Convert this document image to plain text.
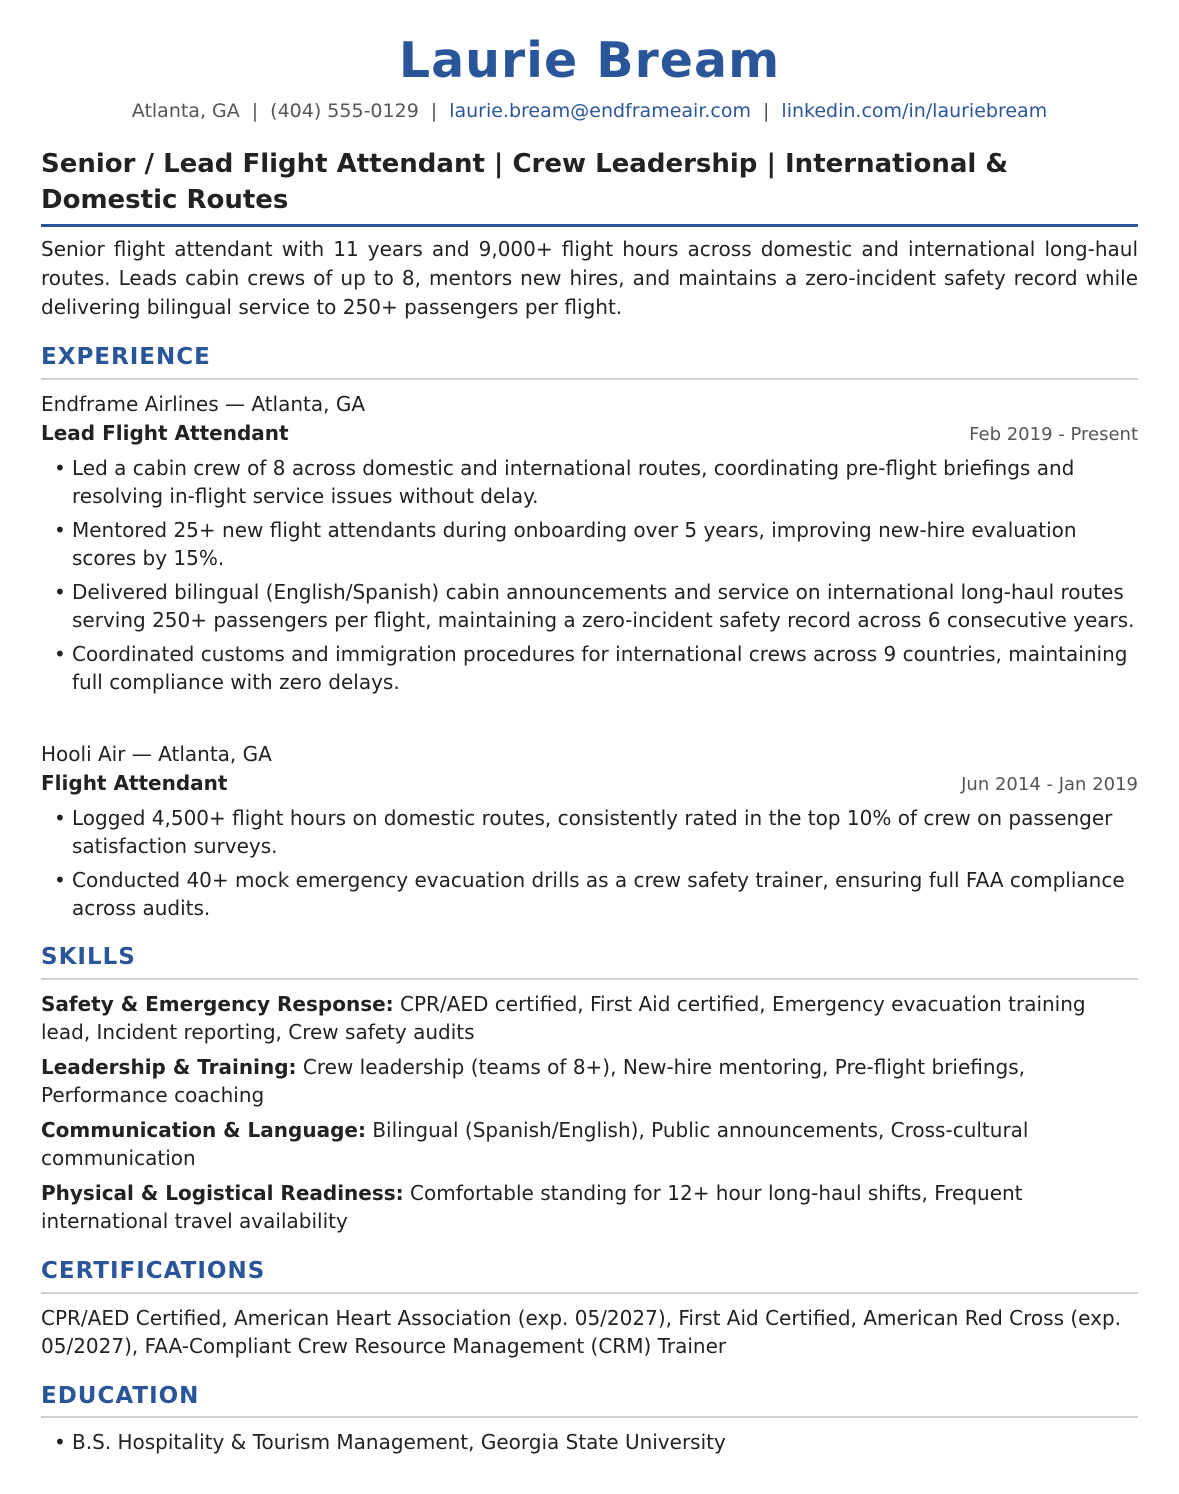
Laurie Bream
Atlanta, GA | (404) 555-0129 | laurie.bream@endframeair.com | linkedin.com/in/lauriebream
Senior / Lead Flight Attendant | Crew Leadership | International & Domestic Routes
Senior flight attendant with 11 years and 9,000+ flight hours across domestic and international long-haul routes. Leads cabin crews of up to 8, mentors new hires, and maintains a zero-incident safety record while delivering bilingual service to 250+ passengers per flight.
EXPERIENCE
Endframe Airlines — Atlanta, GA
Lead Flight Attendant	Feb 2019 - Present
• Led a cabin crew of 8 across domestic and international routes, coordinating pre-flight briefings and resolving in-flight service issues without delay.
• Mentored 25+ new flight attendants during onboarding over 5 years, improving new-hire evaluation scores by 15%.
• Delivered bilingual (English/Spanish) cabin announcements and service on international long-haul routes serving 250+ passengers per flight, maintaining a zero-incident safety record across 6 consecutive years.
• Coordinated customs and immigration procedures for international crews across 9 countries, maintaining full compliance with zero delays.
Hooli Air — Atlanta, GA
Flight Attendant	Jun 2014 - Jan 2019
• Logged 4,500+ flight hours on domestic routes, consistently rated in the top 10% of crew on passenger satisfaction surveys.
• Conducted 40+ mock emergency evacuation drills as a crew safety trainer, ensuring full FAA compliance across audits.
SKILLS
Safety & Emergency Response: CPR/AED certified, First Aid certified, Emergency evacuation training lead, Incident reporting, Crew safety audits
Leadership & Training: Crew leadership (teams of 8+), New-hire mentoring, Pre-flight briefings, Performance coaching
Communication & Language: Bilingual (Spanish/English), Public announcements, Cross-cultural communication
Physical & Logistical Readiness: Comfortable standing for 12+ hour long-haul shifts, Frequent international travel availability
CERTIFICATIONS
CPR/AED Certified, American Heart Association (exp. 05/2027), First Aid Certified, American Red Cross (exp. 05/2027), FAA-Compliant Crew Resource Management (CRM) Trainer
EDUCATION
• B.S. Hospitality & Tourism Management, Georgia State University
